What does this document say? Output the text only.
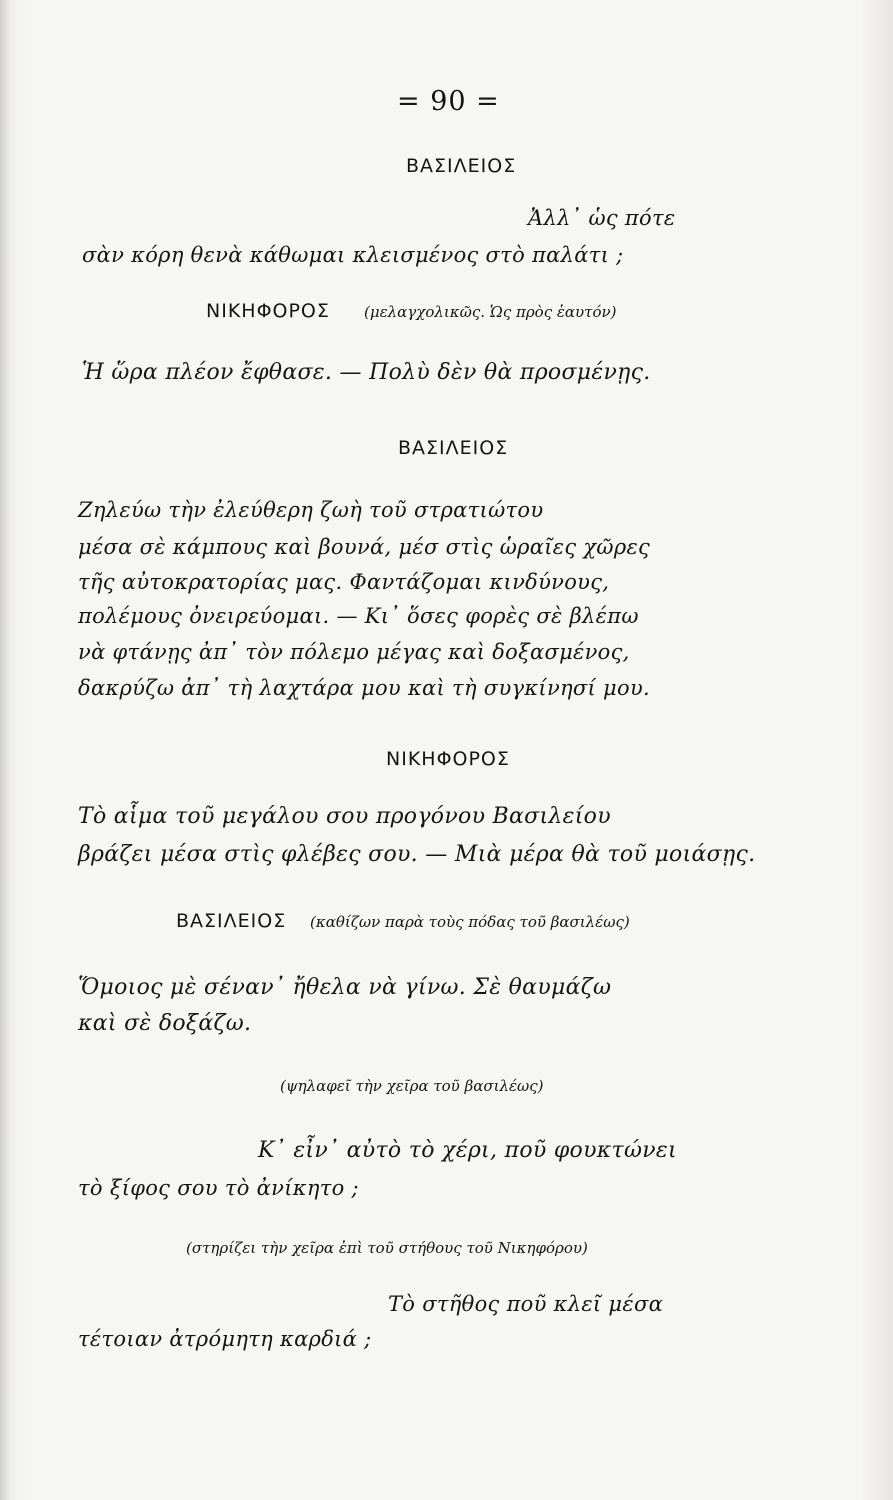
= 90 =
ΒΑΣΙΛΕΙΟΣ
Ἀλλ᾽ ὡς πότε
σὰν κόρη θενὰ κάθωμαι κλεισμένος στὸ παλάτι ;
ΝΙΚΗΦΟΡΟΣ (μελαγχολικῶς. Ὡς πρὸς ἑαυτόν)
Ἡ ὥρα πλέον ἔφθασε. — Πολὺ δὲν θὰ προσμένῃς.
ΒΑΣΙΛΕΙΟΣ
Ζηλεύω τὴν ἐλεύθερη ζωὴ τοῦ στρατιώτου
μέσα σὲ κάμπους καὶ βουνά, μέσ στὶς ὡραῖες χῶρες
τῆς αὐτοκρατορίας μας. Φαντάζομαι κινδύνους,
πολέμους ὀνειρεύομαι. — Κι᾽ ὅσες φορὲς σὲ βλέπω
νὰ φτάνῃς ἀπ᾽ τὸν πόλεμο μέγας καὶ δοξασμένος,
δακρύζω ἀπ᾽ τὴ λαχτάρα μου καὶ τὴ συγκίνησί μου.
ΝΙΚΗΦΟΡΟΣ
Τὸ αἷμα τοῦ μεγάλου σου προγόνου Βασιλείου
βράζει μέσα στὶς φλέβες σου. — Μιὰ μέρα θὰ τοῦ μοιάσῃς.
ΒΑΣΙΛΕΙΟΣ (καθίζων παρὰ τοὺς πόδας τοῦ βασιλέως)
Ὅμοιος μὲ σέναν᾽ ἤθελα νὰ γίνω. Σὲ θαυμάζω
καὶ σὲ δοξάζω.
(ψηλαφεῖ τὴν χεῖρα τοῦ βασιλέως)
Κ᾽ εἶν᾽ αὐτὸ τὸ χέρι, ποῦ φουκτώνει
τὸ ξίφος σου τὸ ἀνίκητο ;
(στηρίζει τὴν χεῖρα ἐπὶ τοῦ στήθους τοῦ Νικηφόρου)
Τὸ στῆθος ποῦ κλεῖ μέσα
τέτοιαν ἀτρόμητη καρδιά ;
